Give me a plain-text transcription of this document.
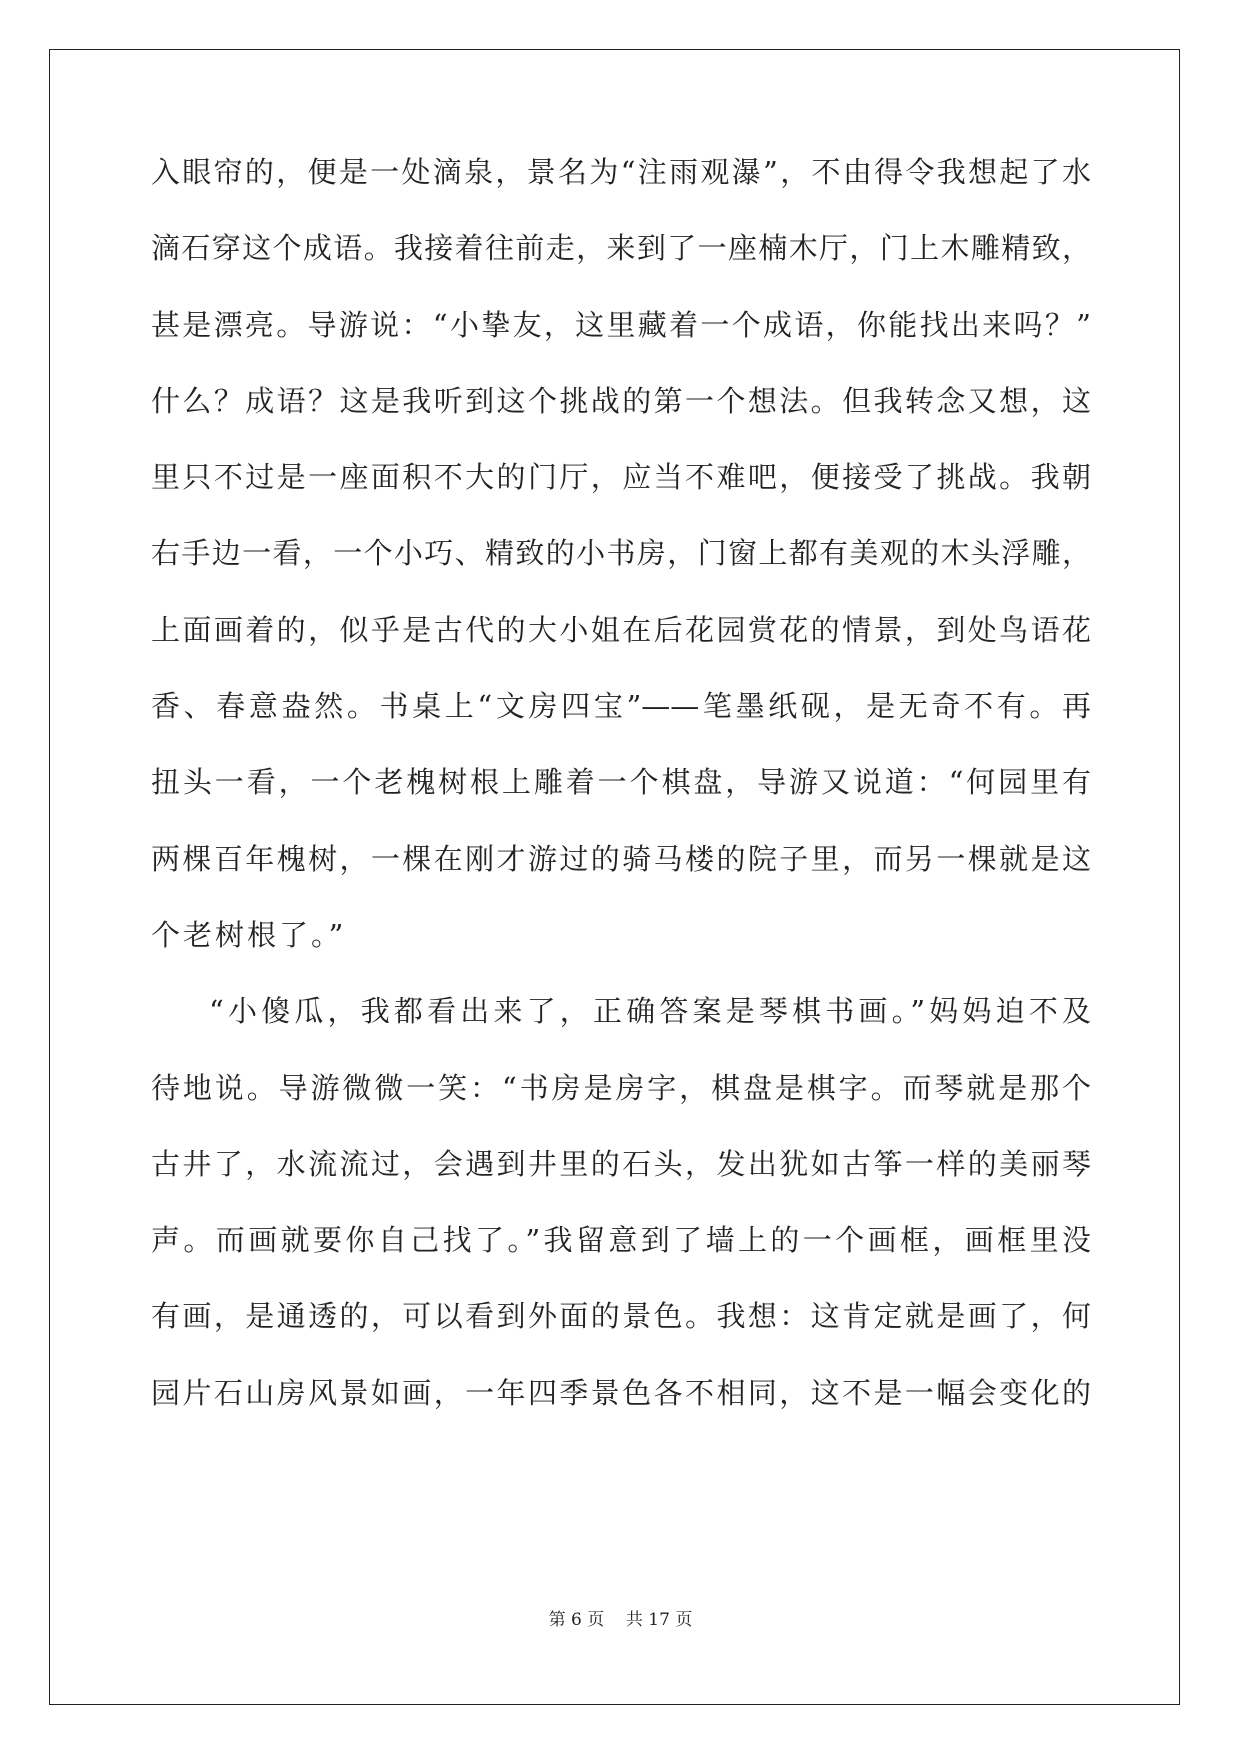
入眼帘的，便是一处滴泉，景名为“注雨观瀑”，不由得令我想起了水
滴石穿这个成语。我接着往前走，来到了一座楠木厅，门上木雕精致，
甚是漂亮。导游说：“小挚友，这里藏着一个成语，你能找出来吗？”
什么？成语？这是我听到这个挑战的第一个想法。但我转念又想，这
里只不过是一座面积不大的门厅，应当不难吧，便接受了挑战。我朝
右手边一看，一个小巧、精致的小书房，门窗上都有美观的木头浮雕，
上面画着的，似乎是古代的大小姐在后花园赏花的情景，到处鸟语花
香、春意盎然。书桌上“文房四宝”——笔墨纸砚，是无奇不有。再
扭头一看，一个老槐树根上雕着一个棋盘，导游又说道：“何园里有
两棵百年槐树，一棵在刚才游过的骑马楼的院子里，而另一棵就是这
个老树根了。”
“小傻瓜，我都看出来了，正确答案是琴棋书画。”妈妈迫不及
待地说。导游微微一笑：“书房是房字，棋盘是棋字。而琴就是那个
古井了，水流流过，会遇到井里的石头，发出犹如古筝一样的美丽琴
声。而画就要你自己找了。”我留意到了墙上的一个画框，画框里没
有画，是通透的，可以看到外面的景色。我想：这肯定就是画了，何
园片石山房风景如画，一年四季景色各不相同，这不是一幅会变化的
第 6 页    共 17 页
